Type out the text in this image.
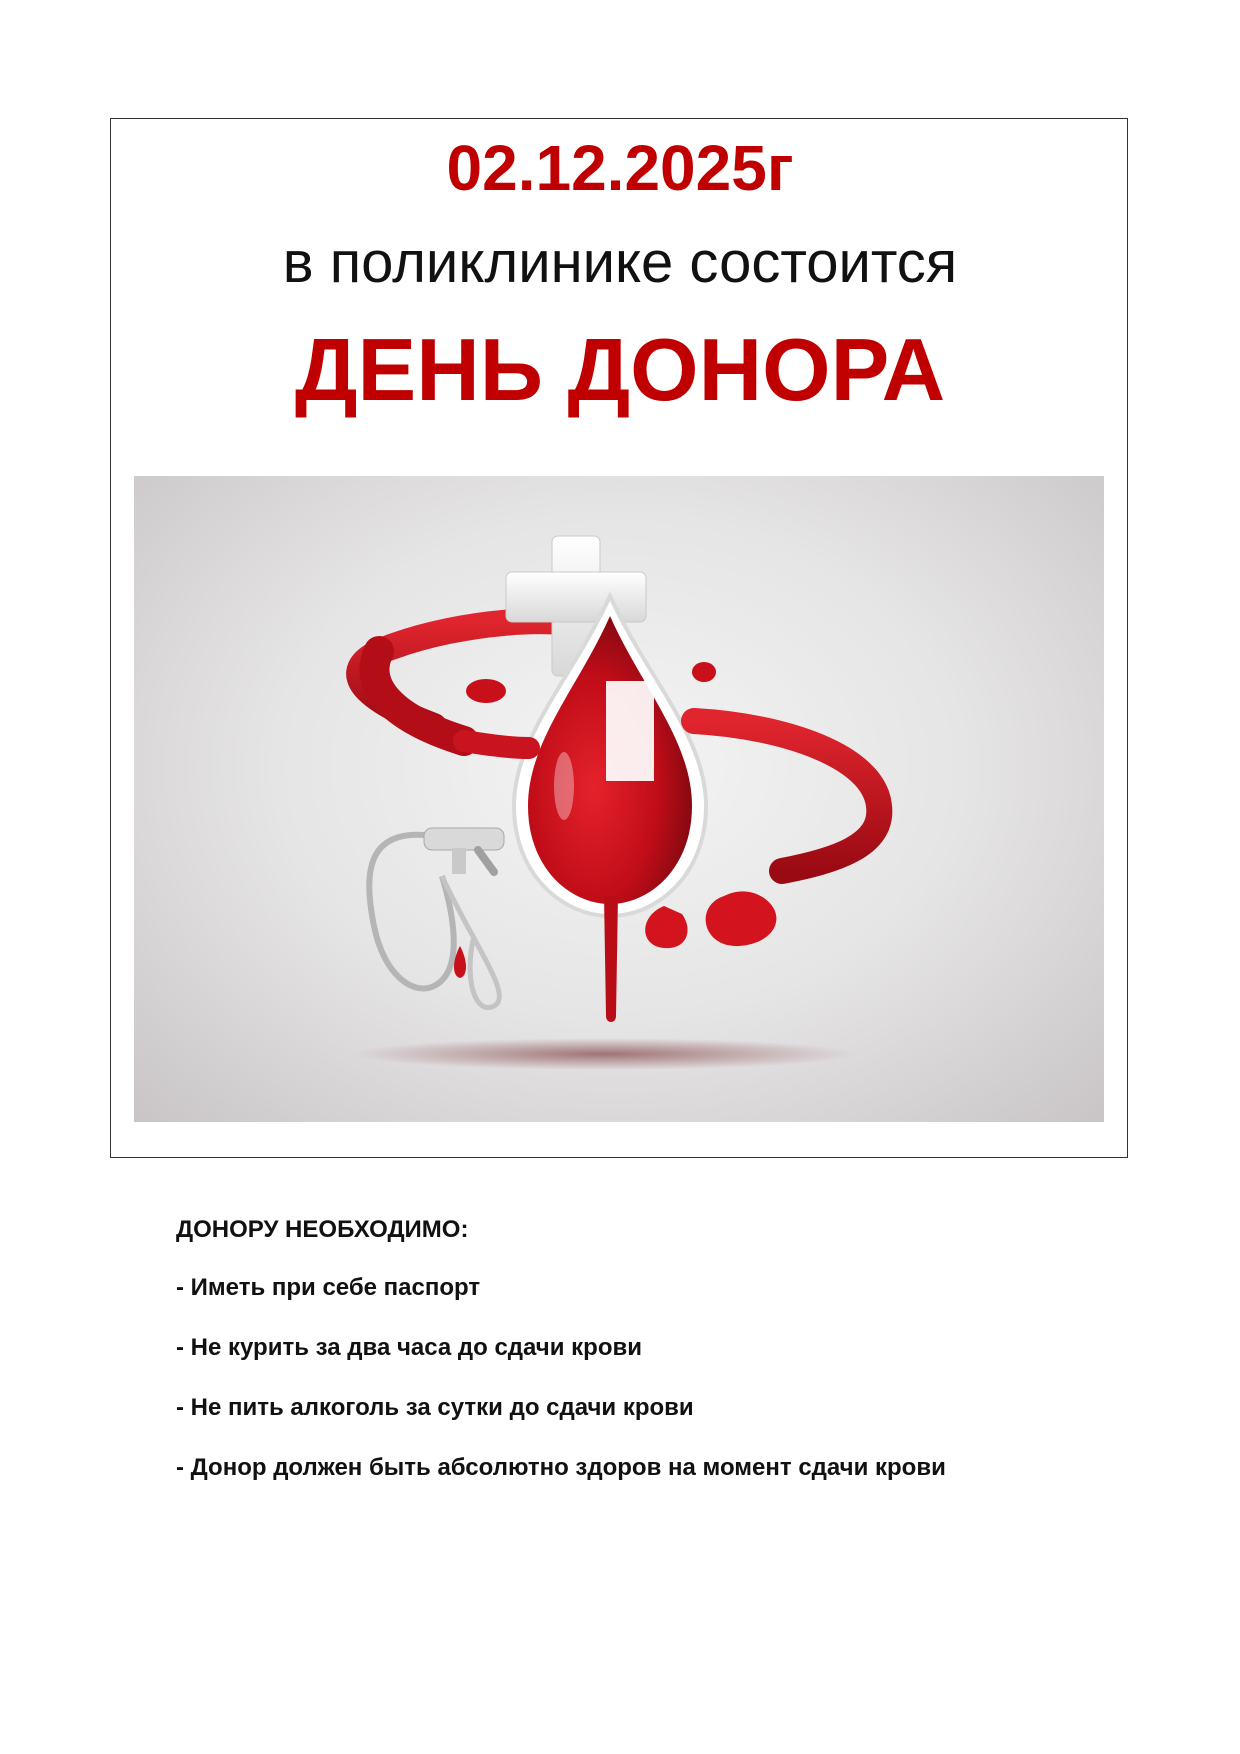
02.12.2025г
в поликлинике состоится
ДЕНЬ ДОНОРА
ДОНОРУ НЕОБХОДИМО:
- Иметь при себе паспорт
- Не курить за два часа до сдачи крови
- Не пить алкоголь за сутки до сдачи крови
- Донор должен быть абсолютно здоров на момент сдачи крови
